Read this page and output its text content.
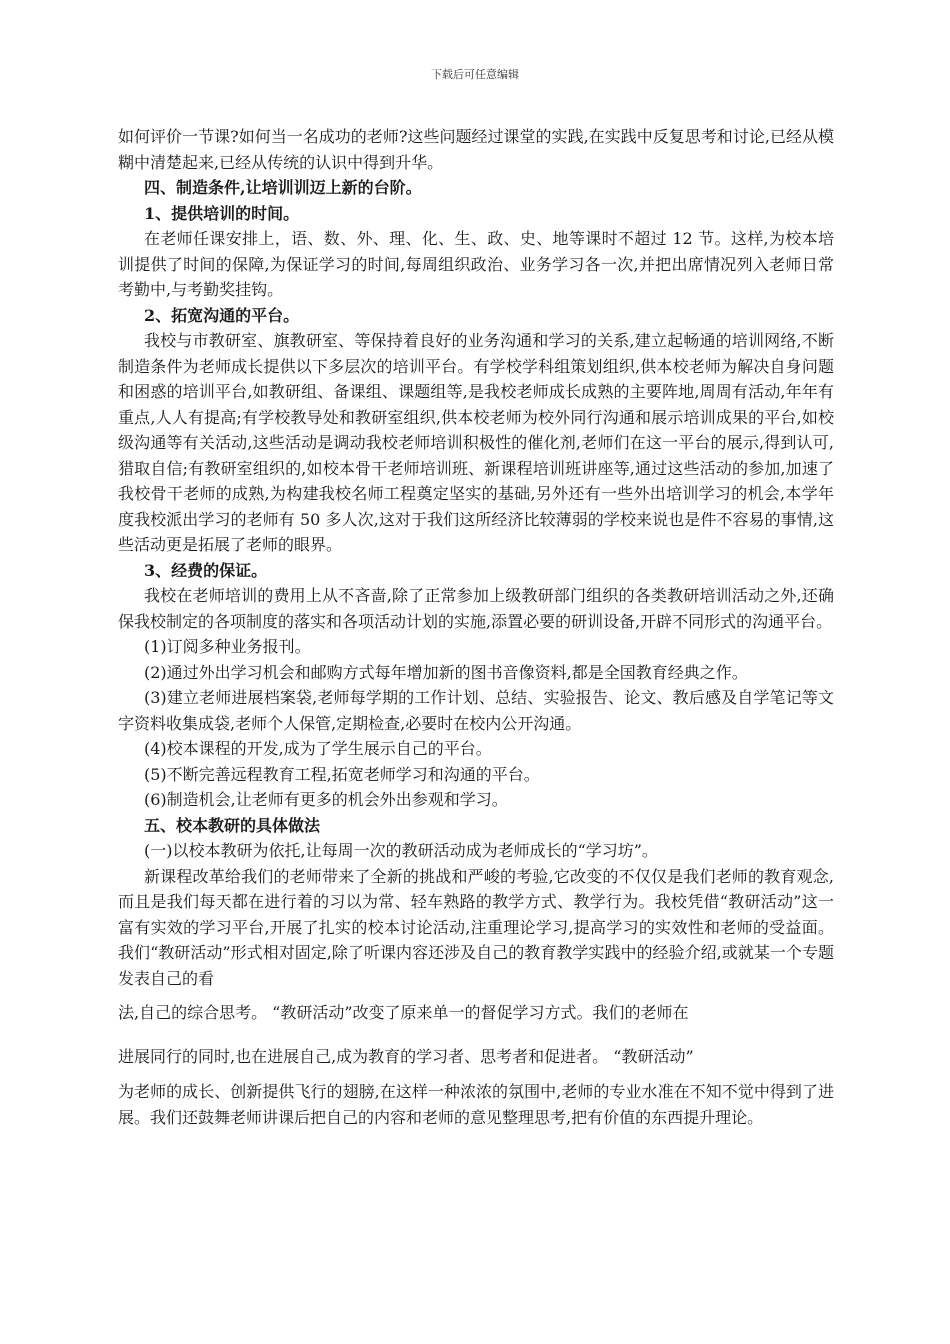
下载后可任意编辑

如何评价一节课?如何当一名成功的老师?这些问题经过课堂的实践,在实践中反复思考和讨论,已经从模糊中清楚起来,已经从传统的认识中得到升华。

四、制造条件,让培训训迈上新的台阶。

1、提供培训的时间。

在老师任课安排上，语、数、外、理、化、生、政、史、地等课时不超过 12 节。这样,为校本培训提供了时间的保障,为保证学习的时间,每周组织政治、业务学习各一次,并把出席情况列入老师日常考勤中,与考勤奖挂钩。

2、拓宽沟通的平台。

我校与市教研室、旗教研室、等保持着良好的业务沟通和学习的关系,建立起畅通的培训网络,不断制造条件为老师成长提供以下多层次的培训平台。有学校学科组策划组织,供本校老师为解决自身问题和困惑的培训平台,如教研组、备课组、课题组等,是我校老师成长成熟的主要阵地,周周有活动,年年有重点,人人有提高;有学校教导处和教研室组织,供本校老师为校外同行沟通和展示培训成果的平台,如校级沟通等有关活动,这些活动是调动我校老师培训积极性的催化剂,老师们在这一平台的展示,得到认可,猎取自信;有教研室组织的,如校本骨干老师培训班、新课程培训班讲座等,通过这些活动的参加,加速了我校骨干老师的成熟,为构建我校名师工程奠定坚实的基础,另外还有一些外出培训学习的机会,本学年度我校派出学习的老师有 50 多人次,这对于我们这所经济比较薄弱的学校来说也是件不容易的事情,这些活动更是拓展了老师的眼界。

3、经费的保证。

我校在老师培训的费用上从不吝啬,除了正常参加上级教研部门组织的各类教研培训活动之外,还确保我校制定的各项制度的落实和各项活动计划的实施,添置必要的研训设备,开辟不同形式的沟通平台。

(1)订阅多种业务报刊。

(2)通过外出学习机会和邮购方式每年增加新的图书音像资料,都是全国教育经典之作。

(3)建立老师进展档案袋,老师每学期的工作计划、总结、实验报告、论文、教后感及自学笔记等文字资料收集成袋,老师个人保管,定期检查,必要时在校内公开沟通。

(4)校本课程的开发,成为了学生展示自己的平台。

(5)不断完善远程教育工程,拓宽老师学习和沟通的平台。

(6)制造机会,让老师有更多的机会外出参观和学习。

五、校本教研的具体做法

(一)以校本教研为依托,让每周一次的教研活动成为老师成长的“学习坊”。

新课程改革给我们的老师带来了全新的挑战和严峻的考验,它改变的不仅仅是我们老师的教育观念,而且是我们每天都在进行着的习以为常、轻车熟路的教学方式、教学行为。我校凭借“教研活动”这一富有实效的学习平台,开展了扎实的校本讨论活动,注重理论学习,提高学习的实效性和老师的受益面。我们“教研活动”形式相对固定,除了听课内容还涉及自己的教育教学实践中的经验介绍,或就某一个专题发表自己的看

法,自己的综合思考。 “教研活动”改变了原来单一的督促学习方式。我们的老师在

进展同行的同时,也在进展自己,成为教育的学习者、思考者和促进者。 “教研活动”

为老师的成长、创新提供飞行的翅膀,在这样一种浓浓的氛围中,老师的专业水准在不知不觉中得到了进展。我们还鼓舞老师讲课后把自己的内容和老师的意见整理思考,把有价值的东西提升理论。
